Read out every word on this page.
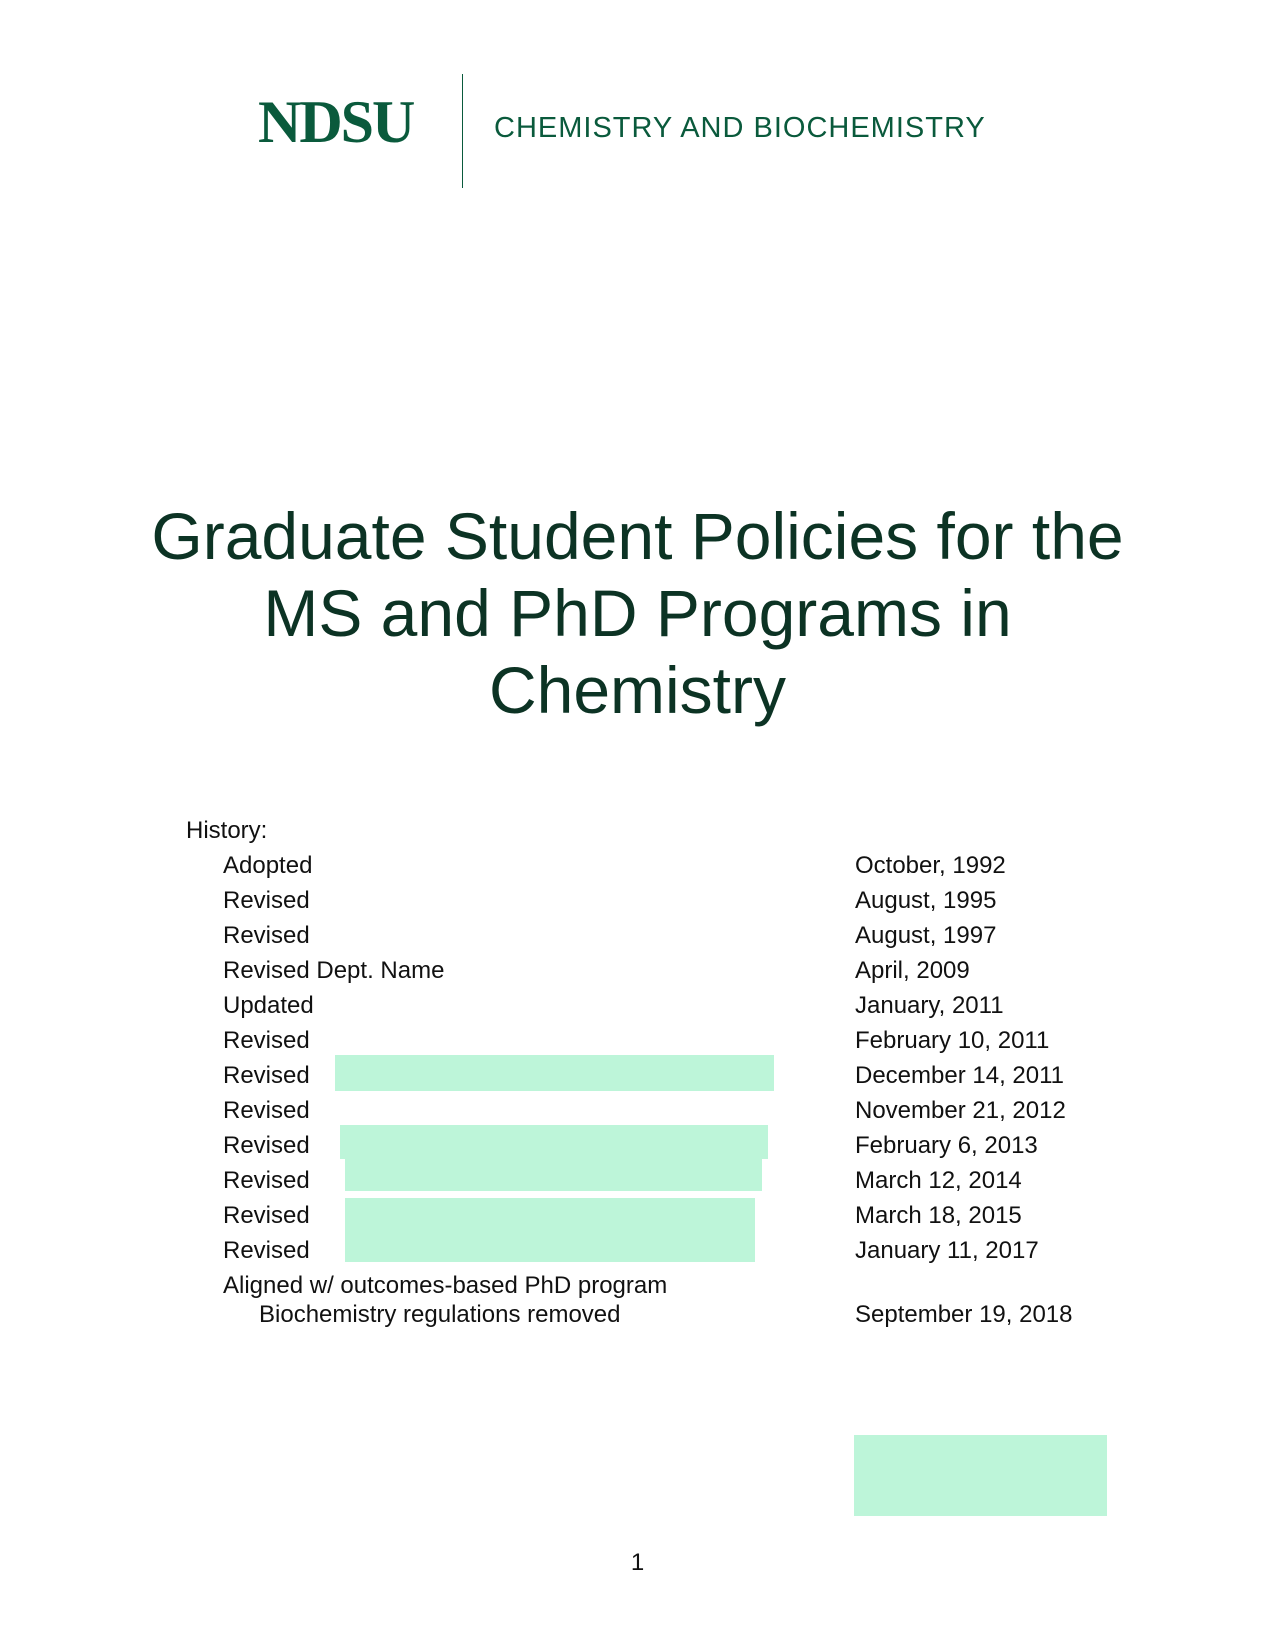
NDSU	CHEMISTRY AND BIOCHEMISTRY
Graduate Student Policies for the MS and PhD Programs in Chemistry
History:
Adopted	October, 1992
Revised	August, 1995
Revised	August, 1997
Revised Dept. Name	April, 2009
Updated	January, 2011
Revised	February 10, 2011
Revised	December 14, 2011
Revised	November 21, 2012
Revised	February 6, 2013
Revised	March 12, 2014
Revised	March 18, 2015
Revised	January 11, 2017
Aligned w/ outcomes-based PhD program
Biochemistry regulations removed	September 19, 2018
1
